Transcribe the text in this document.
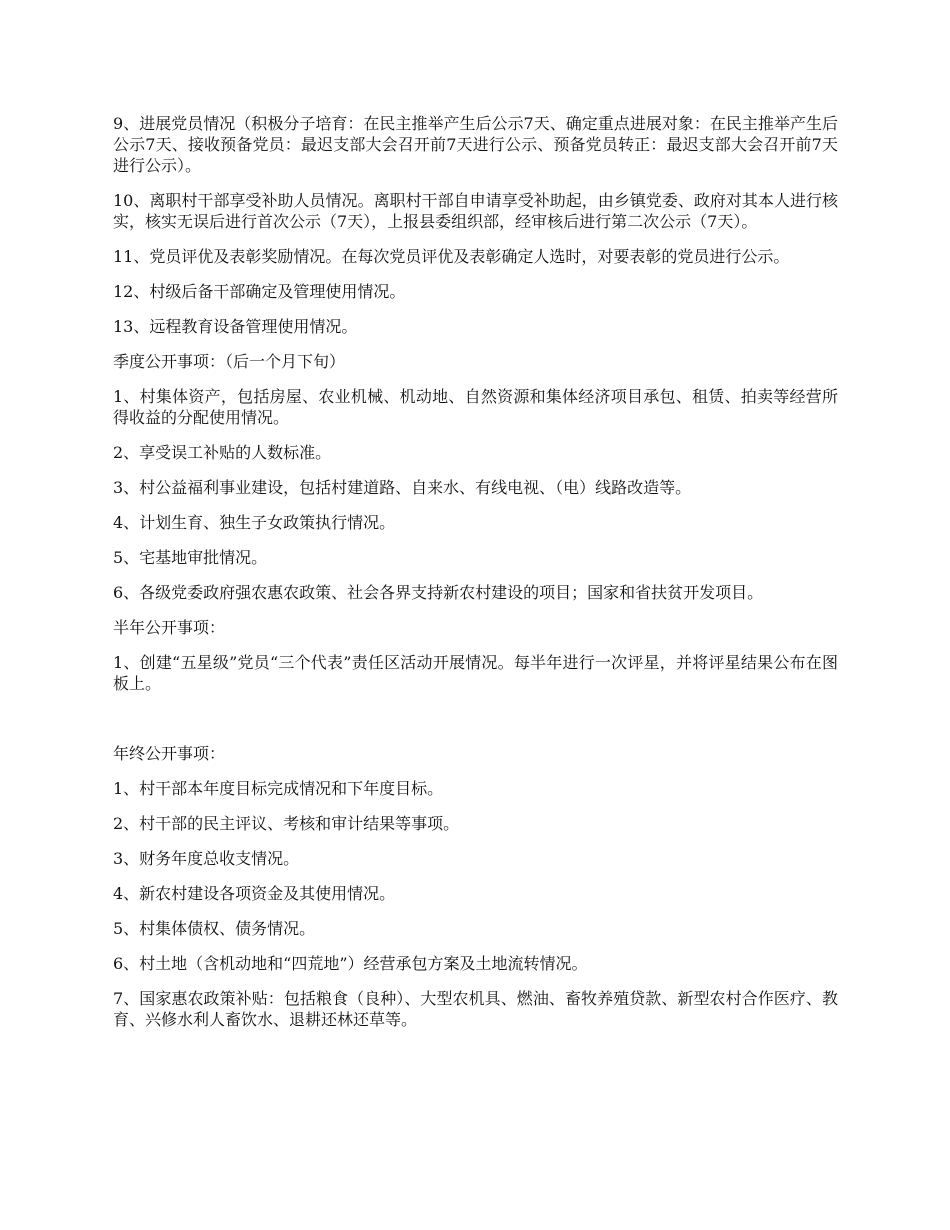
9、进展党员情况（积极分子培育：在民主推举产生后公示7天、确定重点进展对象：在民主推举产生后公示7天、接收预备党员：最迟支部大会召开前7天进行公示、预备党员转正：最迟支部大会召开前7天进行公示）。

10、离职村干部享受补助人员情况。离职村干部自申请享受补助起，由乡镇党委、政府对其本人进行核实，核实无误后进行首次公示（7天），上报县委组织部，经审核后进行第二次公示（7天）。

11、党员评优及表彰奖励情况。在每次党员评优及表彰确定人选时，对要表彰的党员进行公示。

12、村级后备干部确定及管理使用情况。

13、远程教育设备管理使用情况。

季度公开事项：（后一个月下旬）

1、村集体资产，包括房屋、农业机械、机动地、自然资源和集体经济项目承包、租赁、拍卖等经营所得收益的分配使用情况。

2、享受误工补贴的人数标准。

3、村公益福利事业建设，包括村建道路、自来水、有线电视、（电）线路改造等。

4、计划生育、独生子女政策执行情况。

5、宅基地审批情况。

6、各级党委政府强农惠农政策、社会各界支持新农村建设的项目；国家和省扶贫开发项目。

半年公开事项：

1、创建“五星级”党员“三个代表”责任区活动开展情况。每半年进行一次评星，并将评星结果公布在图板上。

年终公开事项：

1、村干部本年度目标完成情况和下年度目标。

2、村干部的民主评议、考核和审计结果等事项。

3、财务年度总收支情况。

4、新农村建设各项资金及其使用情况。

5、村集体债权、债务情况。

6、村土地（含机动地和“四荒地”）经营承包方案及土地流转情况。

7、国家惠农政策补贴：包括粮食（良种）、大型农机具、燃油、畜牧养殖贷款、新型农村合作医疗、教育、兴修水利人畜饮水、退耕还林还草等。
